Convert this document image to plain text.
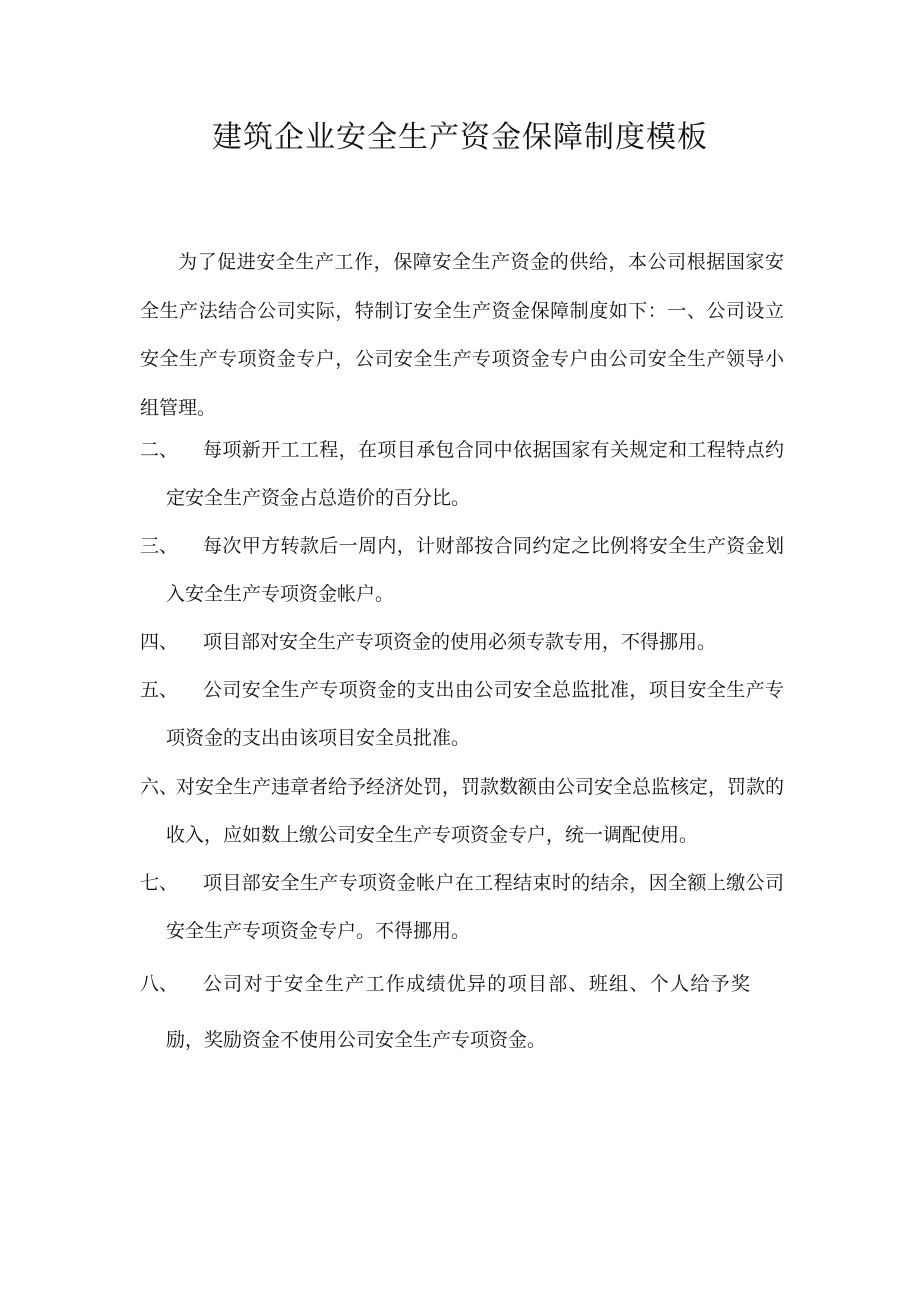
建筑企业安全生产资金保障制度模板

为了促进安全生产工作，保障安全生产资金的供给，本公司根据国家安全生产法结合公司实际，特制订安全生产资金保障制度如下：一、公司设立安全生产专项资金专户，公司安全生产专项资金专户由公司安全生产领导小组管理。

二、	每项新开工工程，在项目承包合同中依据国家有关规定和工程特点约定安全生产资金占总造价的百分比。
三、	每次甲方转款后一周内，计财部按合同约定之比例将安全生产资金划入安全生产专项资金帐户。
四、	项目部对安全生产专项资金的使用必须专款专用，不得挪用。
五、	公司安全生产专项资金的支出由公司安全总监批准，项目安全生产专项资金的支出由该项目安全员批准。
六、
对安全生产违章者给予经济处罚，罚款数额由公司安全总监核定，罚款的收入，应如数上缴公司安全生产专项资金专户，统一调配使用。
七、	项目部安全生产专项资金帐户在工程结束时的结余，因全额上缴公司安全生产专项资金专户。不得挪用。
八、	公司对于安全生产工作成绩优异的项目部、班组、个人给予奖励，奖励资金不使用公司安全生产专项资金。
